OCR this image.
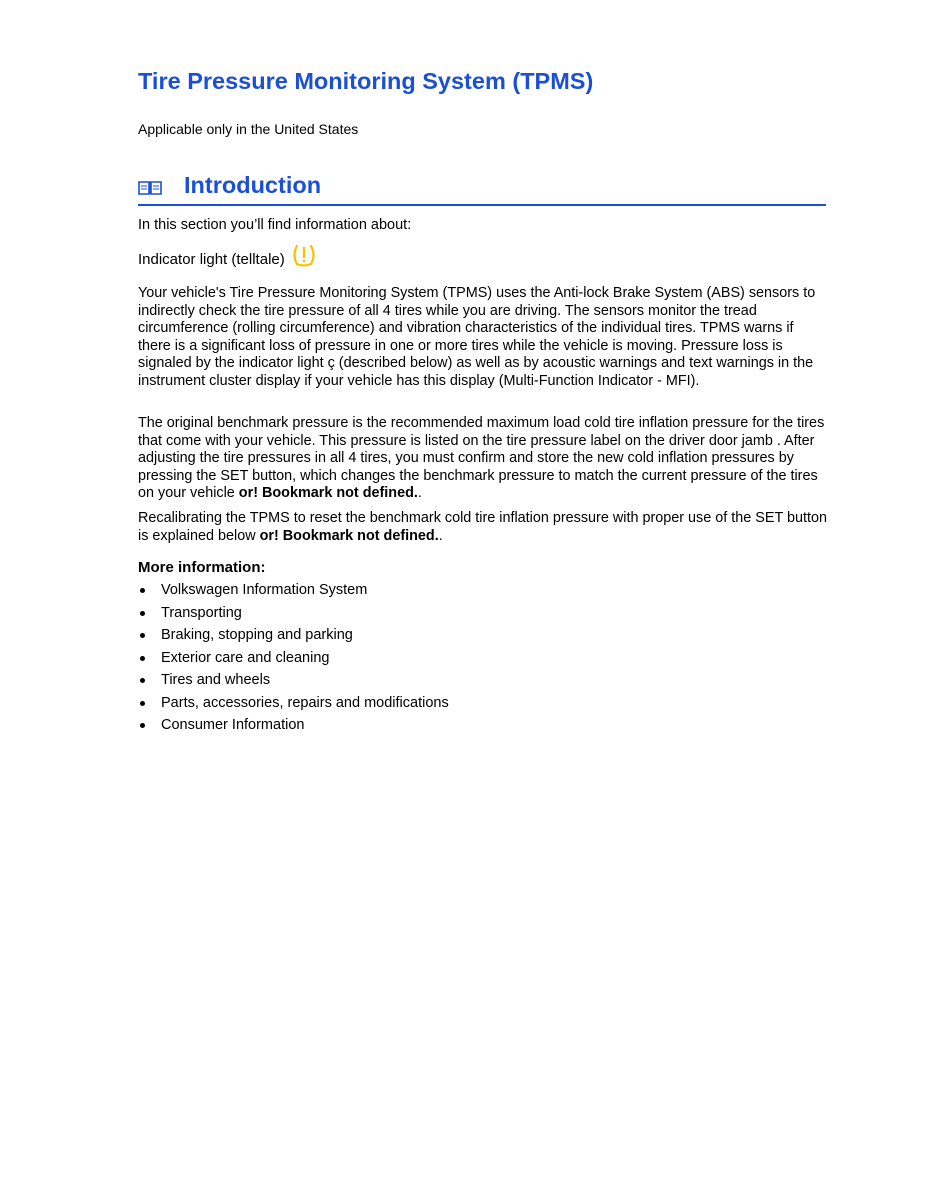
Tire Pressure Monitoring System (TPMS)

Applicable only in the United States

Introduction

In this section you’ll find information about:

Indicator light (telltale)

Your vehicle's Tire Pressure Monitoring System (TPMS) uses the Anti-lock Brake System (ABS) sensors to indirectly check the tire pressure of all 4 tires while you are driving. The sensors monitor the tread circumference (rolling circumference) and vibration characteristics of the individual tires. TPMS warns if there is a significant loss of pressure in one or more tires while the vehicle is moving. Pressure loss is signaled by the indicator light ç (described below) as well as by acoustic warnings and text warnings in the instrument cluster display if your vehicle has this display (Multi-Function Indicator - MFI).

The original benchmark pressure is the recommended maximum load cold tire inflation pressure for the tires that come with your vehicle. This pressure is listed on the tire pressure label on the driver door jamb . After adjusting the tire pressures in all 4 tires, you must confirm and store the new cold inflation pressures by pressing the SET button, which changes the benchmark pressure to match the current pressure of the tires on your vehicle or! Bookmark not defined..

Recalibrating the TPMS to reset the benchmark cold tire inflation pressure with proper use of the SET button is explained below or! Bookmark not defined..

More information:
Volkswagen Information System
Transporting
Braking, stopping and parking
Exterior care and cleaning
Tires and wheels
Parts, accessories, repairs and modifications
Consumer Information
